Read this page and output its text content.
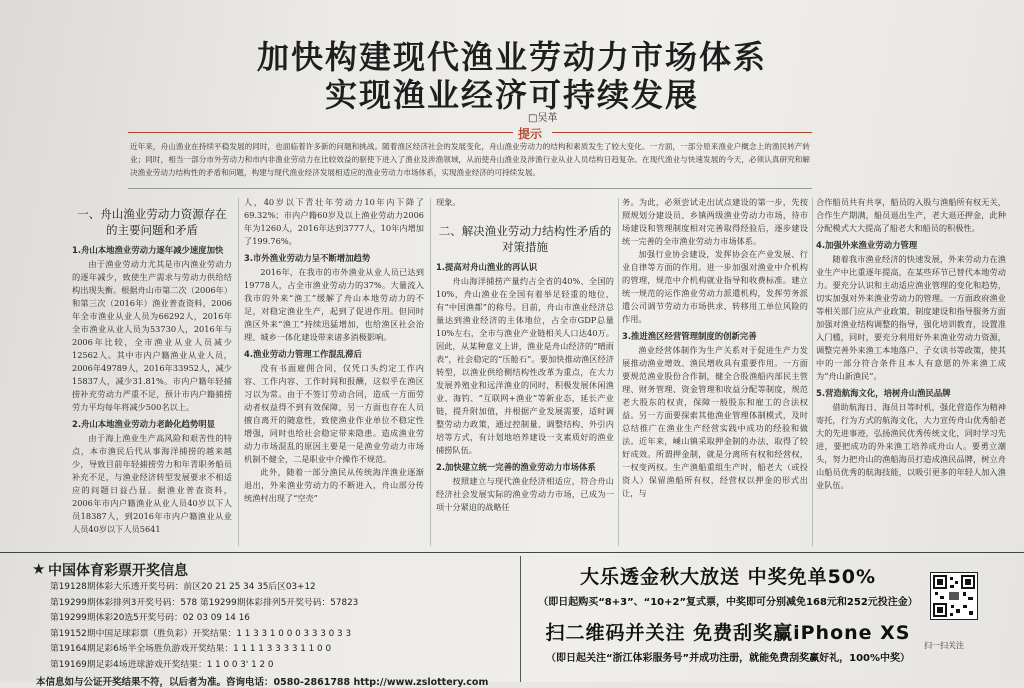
加快构建现代渔业劳动力市场体系
实现渔业经济可持续发展
□吴革
提示
近年来，舟山渔业在持续平稳发展的同时，也面临着许多新的问题和挑战。随着渔区经济社会的发展变化，舟山渔业劳动力的结构和素质发生了较大变化。一方面，一部分原来渔业户概念上的渔民转产转业；同时，相当一部分市外劳动力和市内非渔业劳动力在比较效益的驱使下进入了渔业及涉渔领域，从而使舟山渔业及涉渔行业从业人员结构日趋复杂。在现代渔业与快速发展的今天，必须认真研究和解决渔业劳动力结构性的矛盾和问题，构建与现代渔业经济发展相适应的渔业劳动力市场体系，实现渔业经济的可持续发展。
一、舟山渔业劳动力资源存在的主要问题和矛盾
1.舟山本地渔业劳动力逐年减少速度加快

由于渔业劳动力尤其是市内渔业劳动力的逐年减少，致使生产需求与劳动力供给结构出现失衡。根据舟山市第二次（2006年）和第三次（2016年）渔业普查资料，2006年全市渔业从业人员为66292人，2016年全市渔业从业人员为53730人，2016年与2006年比较，全市渔业从业人员减少12562人。其中市内户籍渔业从业人员，2006年49789人，2016年33952人，减少15837人，减少31.81%。市内户籍年轻捕捞补充劳动力严重不足，预计市内户籍捕捞劳力平均每年将减少500名以上。

2.舟山本地渔业劳动力老龄化趋势明显

由于海上渔业生产高风险和艰苦性的特点，本市渔民后代从事海洋捕捞的越来越少，导致目前年轻捕捞劳力和年青职务船员补充不足，与渔业经济转型发展要求不相适应的问题日益凸显。据渔业普查资料，2006年市内户籍渔业从业人员40岁以下人员18387人，到2016年市内户籍渔业从业人员40岁以下人员5641

人，40岁以下青壮年劳动力10年内下降了69.32%；市内户籍60岁及以上渔业劳动力2006年为1260人，2016年达到3777人，10年内增加了199.76%。

3.市外渔业劳动力呈不断增加趋势

2016年，在我市的市外渔业从业人员已达到19778人，占全市渔业劳动力的37%。大量流入我市的外来“渔工”缓解了舟山本地劳动力的不足，对稳定渔业生产，起到了促进作用。但同时渔区外来“渔工”持续迅猛增加，也给渔区社会治理、城乡一体化建设带来诸多消极影响。

4.渔业劳动力管理工作混乱滞后

没有书面雇佣合同，仅凭口头约定工作内容、工作内容、工作时间和报酬，这似乎在渔区习以为常。由于不签订劳动合同，造成一方面劳动者权益得不到有效保障，另一方面也存在人员擅自离开的随意性，致使渔业作业单位不稳定性增强，同时也给社会稳定带来隐患。造成渔业劳动力市场混乱的原因主要是一是渔业劳动力市场机制不健全，二是职业中介操作不规范。

此外，随着一部分渔民从传统海洋渔业逐渐退出，外来渔业劳动力的不断进入，舟山部分传统渔村出现了“空壳”

现象。

二、解决渔业劳动力结构性矛盾的对策措施
1.提高对舟山渔业的再认识

舟山海洋捕捞产量约占全省的40%、全国的10%，舟山渔业在全国有着举足轻重的地位，有“中国渔都”的称号。目前，舟山市渔业经济总量达到渔业经济的主体地位，占全市GDP总量10%左右，全市与渔业产业链相关人口达40万。因此，从某种意义上讲，渔业是舟山经济的“晴雨表”，社会稳定的“压舱石”。要加快推动渔区经济转型，以渔业供给侧结构性改革为重点，在大力发展养殖业和远洋渔业的同时，积极发展休闲渔业、海钓、“互联网+渔业”等新业态，延长产业链，提升附加值，并根据产业发展需要，适时调整劳动力政策，通过控制量、调整结构、外引内培等方式，有计划地培养建设一支素质好的渔业捕捞队伍。

2.加快建立统一完善的渔业劳动力市场体系

按照建立与现代渔业经济相适应，符合舟山经济社会发展实际的渔业劳动力市场，已成为一项十分紧迫的战略任

务。为此，必须尝试走出试点建设的第一步，先按照规划分建设员、乡镇两级渔业劳动力市场，待市场建设和管理制度相对完善取得经验后，逐步建设统一完善的全市渔业劳动力市场体系。

加强行业协会建设，发挥协会在产业发展、行业自律等方面的作用。进一步加强对渔业中介机构的管理，规范中介机构就业指导和收费标准。建立统一规范的运作渔业劳动力派遣机构，发挥劳务派遣公司调节劳动力市场供求、转移用工单位风险的作用。

3.推进渔区经营管理制度的创新完善

渔业经营体制作为生产关系对于促进生产力发展推动渔业增效、渔民增收具有重要作用。一方面要规范渔业股份合作制，健全合股渔船内部民主管理、财务管理、资金管理和收益分配等制度，规范老大股东的权责，保障一般股东和雇工的合法权益。另一方面要探索其他渔业管理体制模式，及时总结推广在渔业生产经营实践中成功的经验和做法。近年来，嵊山镇采取押金制的办法，取得了较好成效。所谓押金制，就是分离所有权和经营权，一权变两权。生产渔船重组生产时，船老大（或投资人）保留渔船所有权，经营权以押金的形式出让，与

合作船员共有共享，船员的入股与渔船所有权无关，合作生产期满，船员退出生产，老大退还押金，此种分配模式大大提高了船老大和船员的积极性。

4.加强外来渔业劳动力管理

随着我市渔业经济的快速发展，外来劳动力在渔业生产中比重逐年提高，在某些环节已替代本地劳动力。要充分认识和主动适应渔业管理的变化和趋势，切实加强对外来渔业劳动力的管理。一方面政府渔业等相关部门应从产业政策、制度建设和指导服务方面加强对渔业结构调整的指导，强化培训教育，设置准入门槛，同时，要充分利用好外来渔业劳动力资源，调整完善外来渔工本地落户、子女读书等政策，使其中的一部分符合条件且本人有意愿的外来渔工成为“舟山新渔民”。

5.营造航海文化，培树舟山渔民品牌

借助航海日、海员日等时机，强化营造作为精神寄托，行为方式的航海文化，大力宣传舟山优秀船老大的先进事迹，弘扬渔民优秀传统文化，同时学习先进，要把成功的外来渔工培养成舟山人。要勇立潮头，努力把舟山的渔船海员打造成渔民品牌，树立舟山船员优秀的航海技能，以吸引更多的年轻人加入渔业队伍。

★ 中国体育彩票开奖信息
第19128期体彩大乐透开奖号码：前区20 21 25 34 35后区03+12
第19299期体彩排列3开奖号码：578 第19299期体彩排列5开奖号码：57823
第19299期体彩20选5开奖号码：02 03 09 14 16
第19152期中国足球彩票（胜负彩）开奖结果：1 1 3 3 1 0 0 0 3 3 3 0 3 3
第19164期足彩6场半全场胜负游戏开奖结果：1 1 1 1 3 3 3 3 1 1 0 0
第19169期足彩4场进球游戏开奖结果：1 1 0 0 3' 1 2 0
本信息如与公证开奖结果不符，以后者为准。咨询电话：0580-2861788 http://www.zslottery.com
大乐透金秋大放送 中奖免单50%
（即日起购买“8+3”、“10+2”复式票，中奖即可分别减免168元和252元投注金）
扫二维码并关注 免费刮奖赢iPhone XS
（即日起关注“浙江体彩服务号”并成功注册，就能免费刮奖赢好礼，100%中奖）
扫一扫关注
